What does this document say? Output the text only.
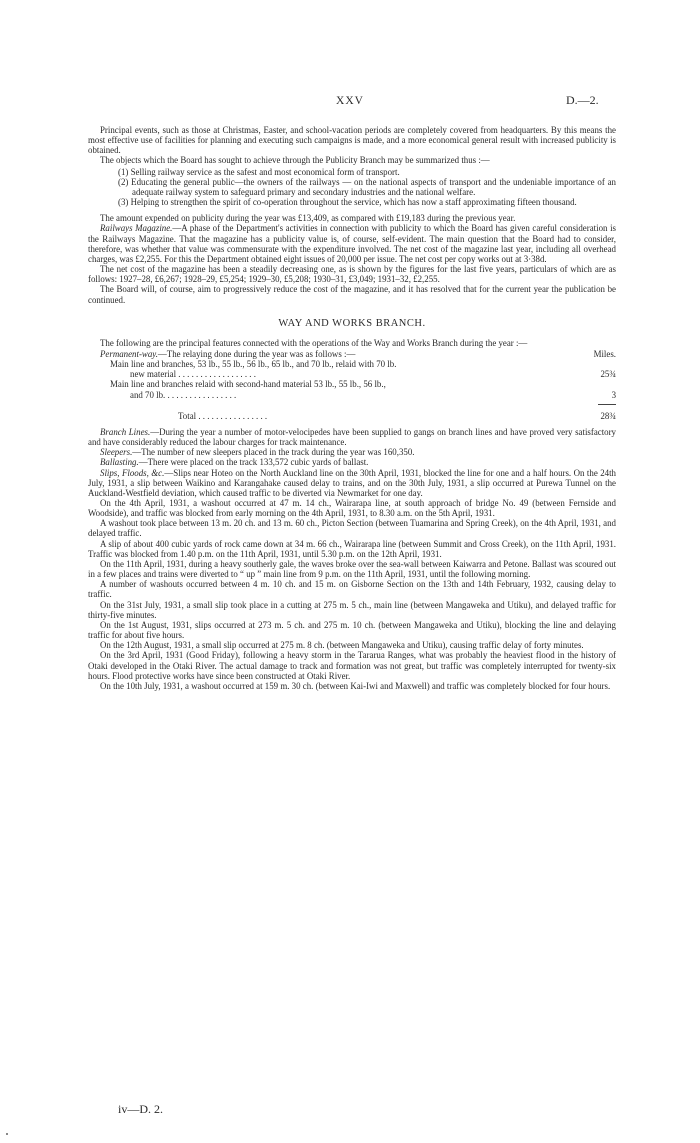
XXV	D.—2.

Principal events, such as those at Christmas, Easter, and school-vacation periods are completely covered from headquarters. By this means the most effective use of facilities for planning and executing such campaigns is made, and a more economical general result with increased publicity is obtained.

The objects which the Board has sought to achieve through the Publicity Branch may be summarized thus :—

(1) Selling railway service as the safest and most economical form of transport.

(2) Educating the general public—the owners of the railways — on the national aspects of transport and the undeniable importance of an adequate railway system to safeguard primary and secondary industries and the national welfare.

(3) Helping to strengthen the spirit of co-operation throughout the service, which has now a staff approximating fifteen thousand.

The amount expended on publicity during the year was £13,409, as compared with £19,183 during the previous year.

Railways Magazine.—A phase of the Department's activities in connection with publicity to which the Board has given careful consideration is the Railways Magazine. That the magazine has a publicity value is, of course, self-evident. The main question that the Board had to consider, therefore, was whether that value was commensurate with the expenditure involved. The net cost of the magazine last year, including all overhead charges, was £2,255. For this the Department obtained eight issues of 20,000 per issue. The net cost per copy works out at 3·38d.

The net cost of the magazine has been a steadily decreasing one, as is shown by the figures for the last five years, particulars of which are as follows: 1927–28, £6,267; 1928–29, £5,254; 1929–30, £5,208; 1930–31, £3,049; 1931–32, £2,255.

The Board will, of course, aim to progressively reduce the cost of the magazine, and it has resolved that for the current year the publication be continued.

WAY AND WORKS BRANCH.

The following are the principal features connected with the operations of the Way and Works Branch during the year :—

Permanent-way.—The relaying done during the year was as follows :—	Miles.
Main line and branches, 53 lb., 55 lb., 56 lb., 65 lb., and 70 lb., relaid with 70 lb.
new material . . . . . . . . . . . . . . . . . .	25¾
Main line and branches relaid with second-hand material 53 lb., 55 lb., 56 lb.,
and 70 lb. . . . . . . . . . . . . . . . .	3
Total . . . . . . . . . . . . . . . .	28¾

Branch Lines.—During the year a number of motor-velocipedes have been supplied to gangs on branch lines and have proved very satisfactory and have considerably reduced the labour charges for track maintenance.

Sleepers.—The number of new sleepers placed in the track during the year was 160,350.

Ballasting.—There were placed on the track 133,572 cubic yards of ballast.

Slips, Floods, &c.—Slips near Hoteo on the North Auckland line on the 30th April, 1931, blocked the line for one and a half hours. On the 24th July, 1931, a slip between Waikino and Karangahake caused delay to trains, and on the 30th July, 1931, a slip occurred at Purewa Tunnel on the Auckland-Westfield deviation, which caused traffic to be diverted via Newmarket for one day.

On the 4th April, 1931, a washout occurred at 47 m. 14 ch., Wairarapa line, at south approach of bridge No. 49 (between Fernside and Woodside), and traffic was blocked from early morning on the 4th April, 1931, to 8.30 a.m. on the 5th April, 1931.

A washout took place between 13 m. 20 ch. and 13 m. 60 ch., Picton Section (between Tuamarina and Spring Creek), on the 4th April, 1931, and delayed traffic.

A slip of about 400 cubic yards of rock came down at 34 m. 66 ch., Wairarapa line (between Summit and Cross Creek), on the 11th April, 1931. Traffic was blocked from 1.40 p.m. on the 11th April, 1931, until 5.30 p.m. on the 12th April, 1931.

On the 11th April, 1931, during a heavy southerly gale, the waves broke over the sea-wall between Kaiwarra and Petone. Ballast was scoured out in a few places and trains were diverted to “ up ” main line from 9 p.m. on the 11th April, 1931, until the following morning.

A number of washouts occurred between 4 m. 10 ch. and 15 m. on Gisborne Section on the 13th and 14th February, 1932, causing delay to traffic.

On the 31st July, 1931, a small slip took place in a cutting at 275 m. 5 ch., main line (between Mangaweka and Utiku), and delayed traffic for thirty-five minutes.

On the 1st August, 1931, slips occurred at 273 m. 5 ch. and 275 m. 10 ch. (between Mangaweka and Utiku), blocking the line and delaying traffic for about five hours.

On the 12th August, 1931, a small slip occurred at 275 m. 8 ch. (between Mangaweka and Utiku), causing traffic delay of forty minutes.

On the 3rd April, 1931 (Good Friday), following a heavy storm in the Tararua Ranges, what was probably the heaviest flood in the history of Otaki developed in the Otaki River. The actual damage to track and formation was not great, but traffic was completely interrupted for twenty-six hours. Flood protective works have since been constructed at Otaki River.

On the 10th July, 1931, a washout occurred at 159 m. 30 ch. (between Kai-Iwi and Maxwell) and traffic was completely blocked for four hours.

iv—D. 2.
